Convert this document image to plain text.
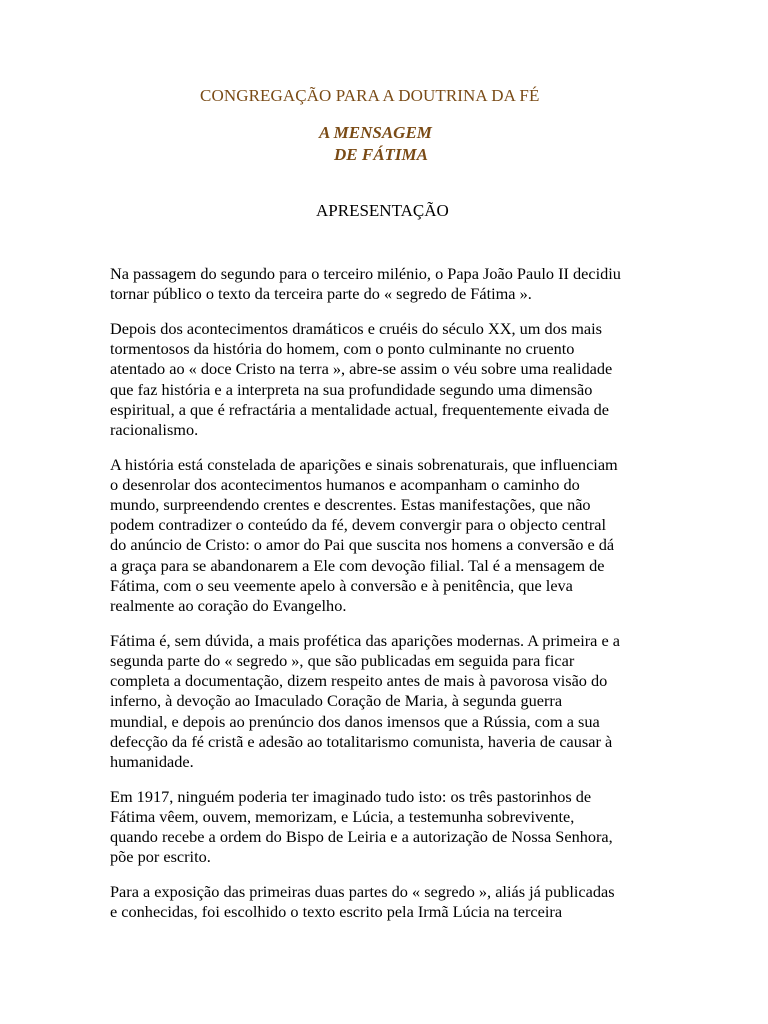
CONGREGAÇÃO PARA A DOUTRINA DA FÉ

A MENSAGEM

DE FÁTIMA

APRESENTAÇÃO

Na passagem do segundo para o terceiro milénio, o Papa João Paulo II decidiu
tornar público o texto da terceira parte do « segredo de Fátima ».

Depois dos acontecimentos dramáticos e cruéis do século XX, um dos mais
tormentosos da história do homem, com o ponto culminante no cruento
atentado ao « doce Cristo na terra », abre-se assim o véu sobre uma realidade
que faz história e a interpreta na sua profundidade segundo uma dimensão
espiritual, a que é refractária a mentalidade actual, frequentemente eivada de
racionalismo.

A história está constelada de aparições e sinais sobrenaturais, que influenciam
o desenrolar dos acontecimentos humanos e acompanham o caminho do
mundo, surpreendendo crentes e descrentes. Estas manifestações, que não
podem contradizer o conteúdo da fé, devem convergir para o objecto central
do anúncio de Cristo: o amor do Pai que suscita nos homens a conversão e dá
a graça para se abandonarem a Ele com devoção filial. Tal é a mensagem de
Fátima, com o seu veemente apelo à conversão e à penitência, que leva
realmente ao coração do Evangelho.

Fátima é, sem dúvida, a mais profética das aparições modernas. A primeira e a
segunda parte do « segredo », que são publicadas em seguida para ficar
completa a documentação, dizem respeito antes de mais à pavorosa visão do
inferno, à devoção ao Imaculado Coração de Maria, à segunda guerra
mundial, e depois ao prenúncio dos danos imensos que a Rússia, com a sua
defecção da fé cristã e adesão ao totalitarismo comunista, haveria de causar à
humanidade.

Em 1917, ninguém poderia ter imaginado tudo isto: os três pastorinhos de
Fátima vêem, ouvem, memorizam, e Lúcia, a testemunha sobrevivente,
quando recebe a ordem do Bispo de Leiria e a autorização de Nossa Senhora,
põe por escrito.

Para a exposição das primeiras duas partes do « segredo », aliás já publicadas
e conhecidas, foi escolhido o texto escrito pela Irmã Lúcia na terceira
